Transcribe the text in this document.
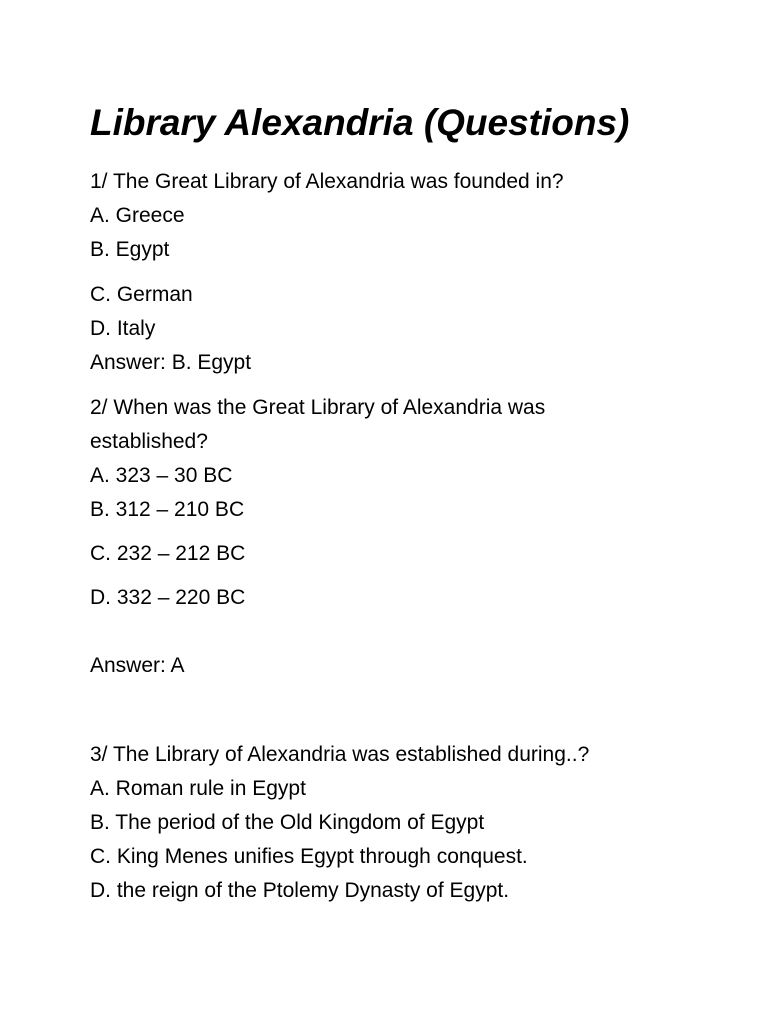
Library Alexandria (Questions)
1/ The Great Library of Alexandria was founded in?
A. Greece
B. Egypt
C. German
D. Italy
Answer: B. Egypt
2/ When was the Great Library of Alexandria was
established?
A. 323 – 30 BC
B. 312 – 210 BC
C. 232 – 212 BC
D. 332 – 220 BC
Answer: A
3/ The Library of Alexandria was established during..?
A. Roman rule in Egypt
B. The period of the Old Kingdom of Egypt
C. King Menes unifies Egypt through conquest.
D. the reign of the Ptolemy Dynasty of Egypt.
